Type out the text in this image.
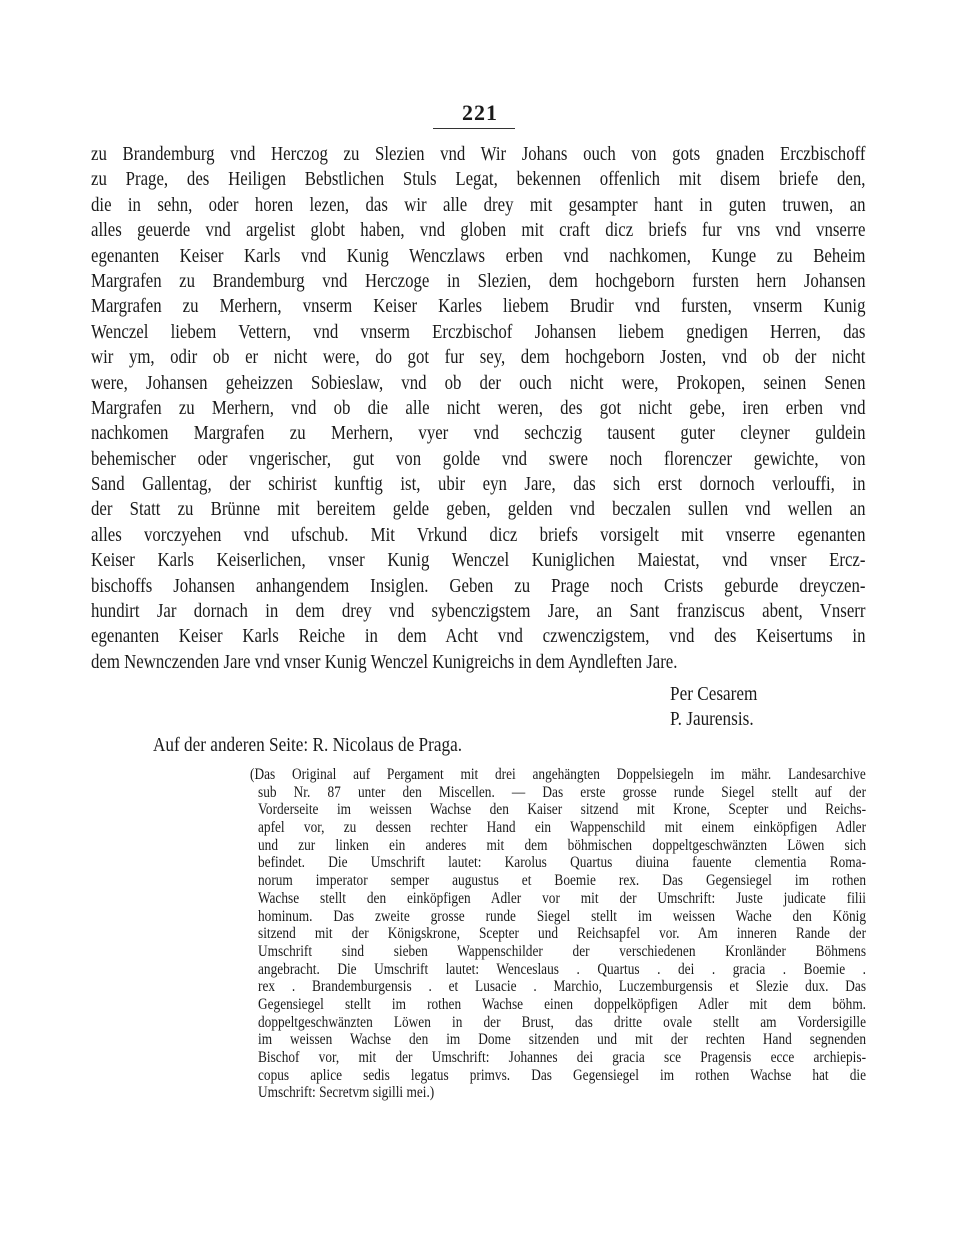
221
zu Brandemburg vnd Herczog zu Slezien vnd Wir Johans ouch von gots gnaden Erczbischoff
zu Prage, des Heiligen Bebstlichen Stuls Legat, bekennen offenlich mit disem briefe den,
die in sehn, oder horen lezen, das wir alle drey mit gesampter hant in guten truwen, an
alles geuerde vnd argelist globt haben, vnd globen mit craft dicz briefs fur vns vnd vnserre
egenanten Keiser Karls vnd Kunig Wenczlaws erben vnd nachkomen, Kunge zu Beheim
Margrafen zu Brandemburg vnd Herczoge in Slezien, dem hochgeborn fursten hern Johansen
Margrafen zu Merhern, vnserm Keiser Karles liebem Brudir vnd fursten, vnserm Kunig
Wenczel liebem Vettern, vnd vnserm Erczbischof Johansen liebem gnedigen Herren, das
wir ym, odir ob er nicht were, do got fur sey, dem hochgeborn Josten, vnd ob der nicht
were, Johansen geheizzen Sobieslaw, vnd ob der ouch nicht were, Prokopen, seinen Senen
Margrafen zu Merhern, vnd ob die alle nicht weren, des got nicht gebe, iren erben vnd
nachkomen Margrafen zu Merhern, vyer vnd sechczig tausent guter cleyner guldein
behemischer oder vngerischer, gut von golde vnd swere noch florenczer gewichte, von
Sand Gallentag, der schirist kunftig ist, ubir eyn Jare, das sich erst dornoch verlouffi, in
der Statt zu Brünne mit bereitem gelde geben, gelden vnd beczalen sullen vnd wellen an
alles vorczyehen vnd ufschub. Mit Vrkund dicz briefs vorsigelt mit vnserre egenanten
Keiser Karls Keiserlichen, vnser Kunig Wenczel Kuniglichen Maiestat, vnd vnser Ercz-
bischoffs Johansen anhangendem Insiglen. Geben zu Prage noch Crists geburde dreyczen-
hundirt Jar dornach in dem drey vnd sybenczigstem Jare, an Sant franziscus abent, Vnserr
egenanten Keiser Karls Reiche in dem Acht vnd czwenczigstem, vnd des Keisertums in
dem Newnczenden Jare vnd vnser Kunig Wenczel Kunigreichs in dem Ayndleften Jare.
Per Cesarem
P. Jaurensis.
Auf der anderen Seite: R. Nicolaus de Praga.
(Das Original auf Pergament mit drei angehängten Doppelsiegeln im mähr. Landesarchive
sub Nr. 87 unter den Miscellen. — Das erste grosse runde Siegel stellt auf der
Vorderseite im weissen Wachse den Kaiser sitzend mit Krone, Scepter und Reichs-
apfel vor, zu dessen rechter Hand ein Wappenschild mit einem einköpfigen Adler
und zur linken ein anderes mit dem böhmischen doppeltgeschwänzten Löwen sich
befindet. Die Umschrift lautet: Karolus Quartus diuina fauente clementia Roma-
norum imperator semper augustus et Boemie rex. Das Gegensiegel im rothen
Wachse stellt den einköpfigen Adler vor mit der Umschrift: Juste judicate filii
hominum. Das zweite grosse runde Siegel stellt im weissen Wache den König
sitzend mit der Königskrone, Scepter und Reichsapfel vor. Am inneren Rande der
Umschrift sind sieben Wappenschilder der verschiedenen Kronländer Böhmens
angebracht. Die Umschrift lautet: Wenceslaus . Quartus . dei . gracia . Boemie .
rex . Brandemburgensis . et Lusacie . Marchio, Luczemburgensis et Slezie dux. Das
Gegensiegel stellt im rothen Wachse einen doppelköpfigen Adler mit dem böhm.
doppeltgeschwänzten Löwen in der Brust, das dritte ovale stellt am Vordersigille
im weissen Wachse den im Dome sitzenden und mit der rechten Hand segnenden
Bischof vor, mit der Umschrift: Johannes dei gracia sce Pragensis ecce archiepis-
copus aplice sedis legatus primvs. Das Gegensiegel im rothen Wachse hat die
Umschrift: Secretvm sigilli mei.)
